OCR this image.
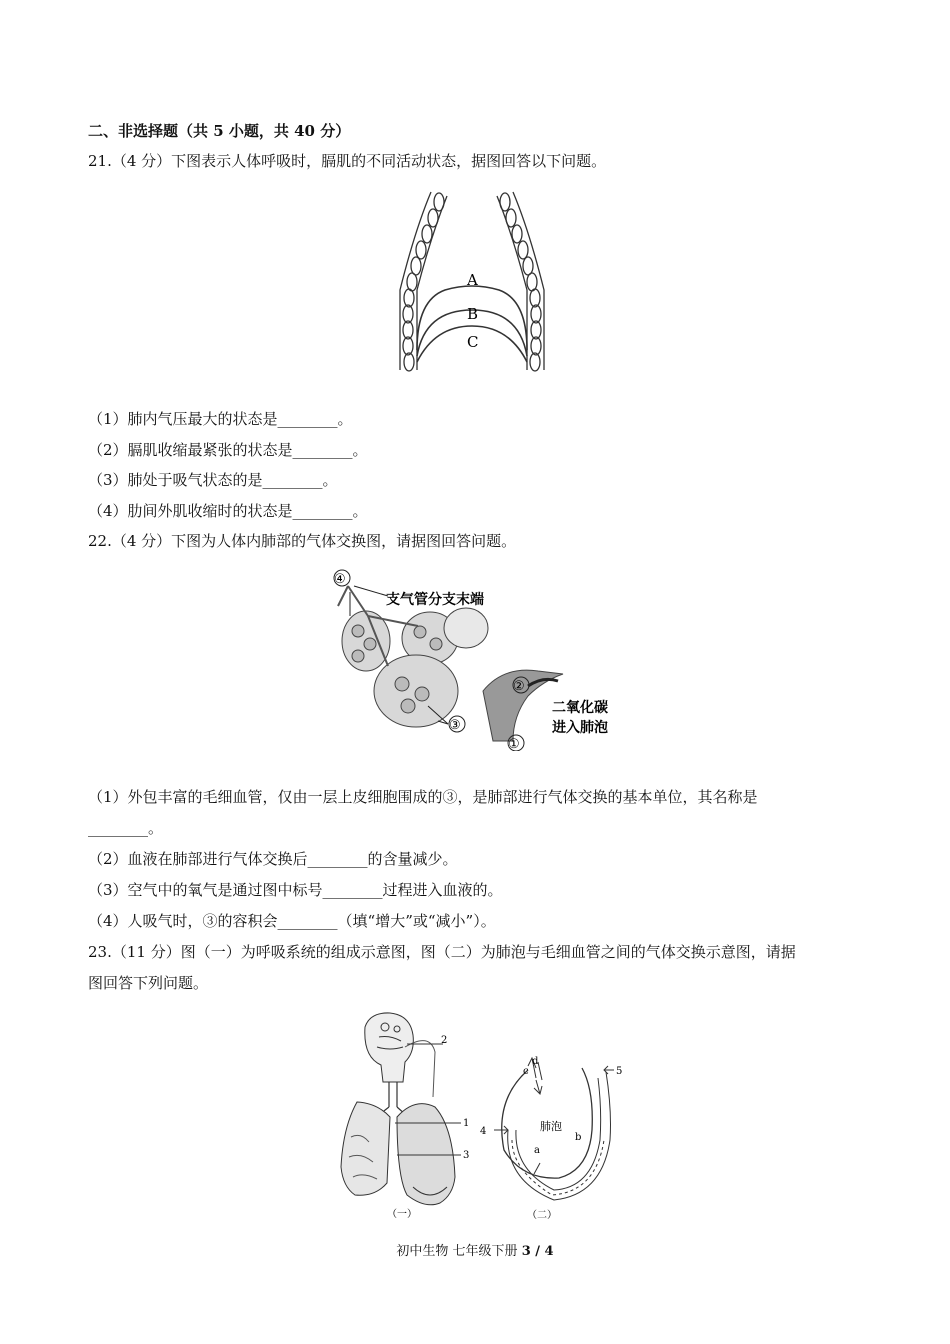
二、非选择题（共 5 小题，共 40 分）
21.（4 分）下图表示人体呼吸时，膈肌的不同活动状态，据图回答以下问题。
A
B
C
（1）肺内气压最大的状态是________。
（2）膈肌收缩最紧张的状态是________。
（3）肺处于吸气状态的是________。
（4）肋间外肌收缩时的状态是________。
22.（4 分）下图为人体内肺部的气体交换图，请据图回答问题。
④
支气管分支末端
②
二氧化碳
进入肺泡
①
③
（1）外包丰富的毛细血管，仅由一层上皮细胞围成的③，是肺部进行气体交换的基本单位，其名称是
________。
（2）血液在肺部进行气体交换后________的含量减少。
（3）空气中的氧气是通过图中标号________过程进入血液的。
（4）人吸气时，③的容积会________（填“增大”或“减小”）。
23.（11 分）图（一）为呼吸系统的组成示意图，图（二）为肺泡与毛细血管之间的气体交换示意图，请据
图回答下列问题。
2
1
3
（一）
d
c	5
肺泡
4
b
a
（二）
初中生物 七年级下册 3 / 4
